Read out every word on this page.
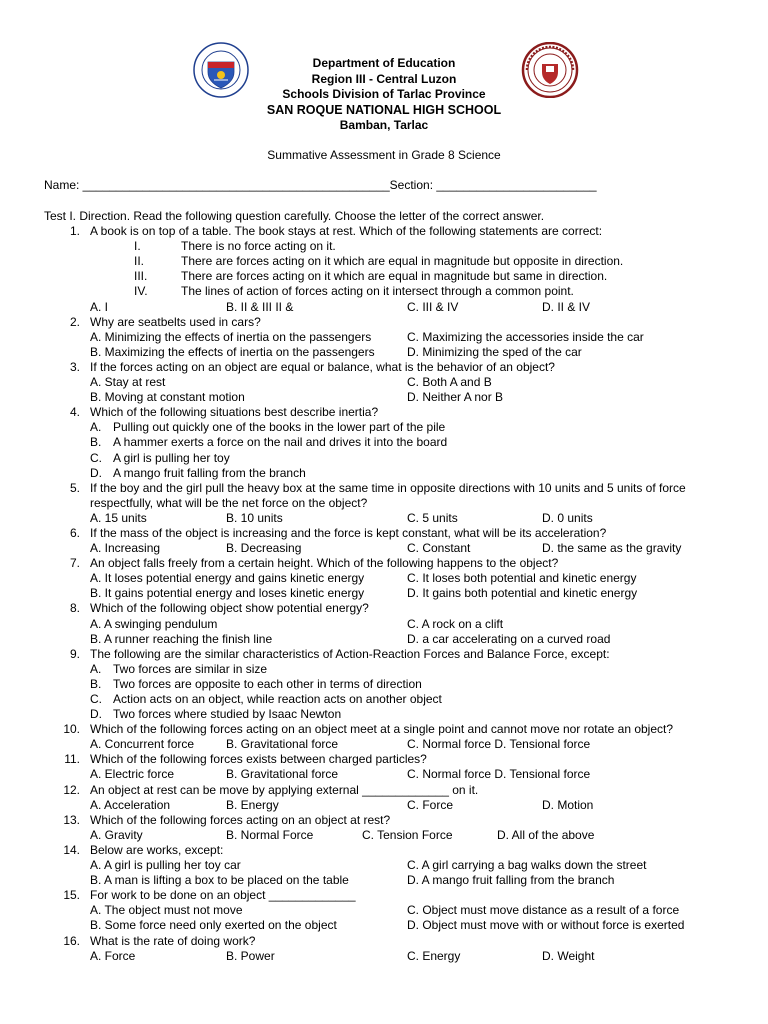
Department of Education
Region III - Central Luzon
Schools Division of Tarlac Province
SAN ROQUE NATIONAL HIGH SCHOOL
Bamban, Tarlac
Summative Assessment in Grade 8 Science
Name: ______________________________________________Section: ________________________
Test I. Direction. Read the following question carefully. Choose the letter of the correct answer.
1. A book is on top of a table. The book stays at rest. Which of the following statements are correct:
I.	There is no force acting on it.
II.	There are forces acting on it which are equal in magnitude but opposite in direction.
III.	There are forces acting on it which are equal in magnitude but same in direction.
IV.	The lines of action of forces acting on it intersect through a common point.
A. I	B. II & III II &	C. III & IV	D. II & IV
2. Why are seatbelts used in cars?
A. Minimizing the effects of inertia on the passengers	C. Maximizing the accessories inside the car
B. Maximizing the effects of inertia on the passengers	D. Minimizing the sped of the car
3. If the forces acting on an object are equal or balance, what is the behavior of an object?
A. Stay at rest	C. Both A and B
B. Moving at constant motion	D. Neither A nor B
4. Which of the following situations best describe inertia?
A. Pulling out quickly one of the books in the lower part of the pile
B. A hammer exerts a force on the nail and drives it into the board
C. A girl is pulling her toy
D. A mango fruit falling from the branch
5. If the boy and the girl pull the heavy box at the same time in opposite directions with 10 units and 5 units of force
respectfully, what will be the net force on the object?
A. 15 units	B. 10 units	C. 5 units	D. 0 units
6. If the mass of the object is increasing and the force is kept constant, what will be its acceleration?
A. Increasing	B. Decreasing	C. Constant	D. the same as the gravity
7. An object falls freely from a certain height. Which of the following happens to the object?
A. It loses potential energy and gains kinetic energy	C. It loses both potential and kinetic energy
B. It gains potential energy and loses kinetic energy	D. It gains both potential and kinetic energy
8. Which of the following object show potential energy?
A. A swinging pendulum	C. A rock on a clift
B. A runner reaching the finish line	D. a car accelerating on a curved road
9. The following are the similar characteristics of Action-Reaction Forces and Balance Force, except:
A. Two forces are similar in size
B. Two forces are opposite to each other in terms of direction
C. Action acts on an object, while reaction acts on another object
D. Two forces where studied by Isaac Newton
10. Which of the following forces acting on an object meet at a single point and cannot move nor rotate an object?
A. Concurrent force	B. Gravitational force	C. Normal force D. Tensional force
11. Which of the following forces exists between charged particles?
A. Electric force	B. Gravitational force	C. Normal force D. Tensional force
12. An object at rest can be move by applying external _____________ on it.
A. Acceleration	B. Energy	C. Force	D. Motion
13. Which of the following forces acting on an object at rest?
A. Gravity	B. Normal Force	C. Tension Force	D. All of the above
14. Below are works, except:
A. A girl is pulling her toy car	C. A girl carrying a bag walks down the street
B. A man is lifting a box to be placed on the table	D. A mango fruit falling from the branch
15. For work to be done on an object _____________
A. The object must not move	C. Object must move distance as a result of a force
B. Some force need only exerted on the object	D. Object must move with or without force is exerted
16. What is the rate of doing work?
A. Force	B. Power	C. Energy	D. Weight
